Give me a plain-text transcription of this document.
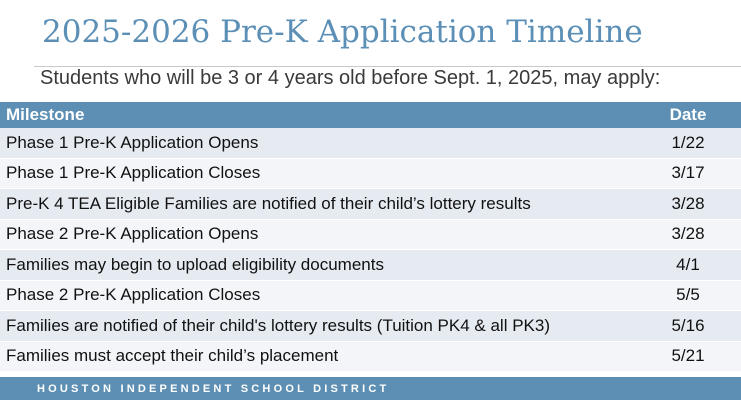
2025-2026 Pre-K Application Timeline
Students who will be 3 or 4 years old before Sept. 1, 2025, may apply:
Milestone	Date
Phase 1 Pre-K Application Opens	1/22
Phase 1 Pre-K Application Closes	3/17
Pre-K 4 TEA Eligible Families are notified of their child’s lottery results	3/28
Phase 2 Pre-K Application Opens	3/28
Families may begin to upload eligibility documents	4/1
Phase 2 Pre-K Application Closes	5/5
Families are notified of their child's lottery results (Tuition PK4 & all PK3)	5/16
Families must accept their child’s placement	5/21
HOUSTON INDEPENDENT SCHOOL DISTRICT
